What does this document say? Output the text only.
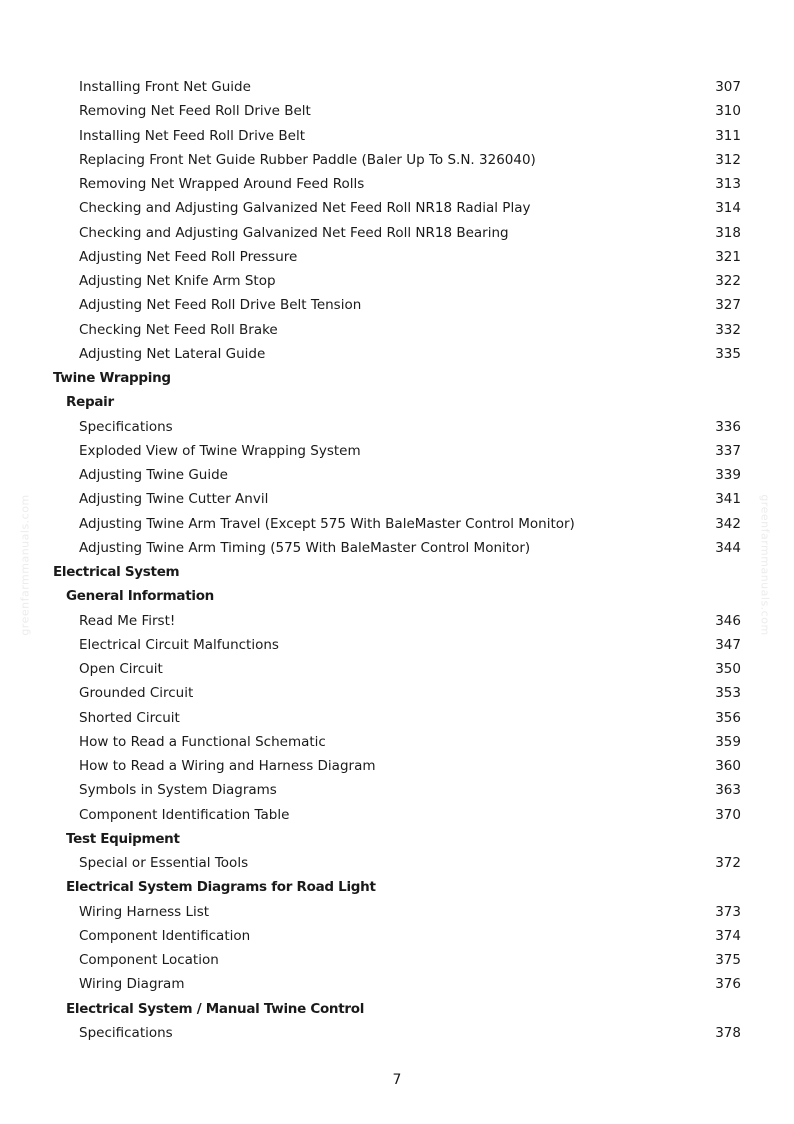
Installing Front Net Guide	307
Removing Net Feed Roll Drive Belt	310
Installing Net Feed Roll Drive Belt	311
Replacing Front Net Guide Rubber Paddle (Baler Up To S.N. 326040)	312
Removing Net Wrapped Around Feed Rolls	313
Checking and Adjusting Galvanized Net Feed Roll NR18 Radial Play	314
Checking and Adjusting Galvanized Net Feed Roll NR18 Bearing	318
Adjusting Net Feed Roll Pressure	321
Adjusting Net Knife Arm Stop	322
Adjusting Net Feed Roll Drive Belt Tension	327
Checking Net Feed Roll Brake	332
Adjusting Net Lateral Guide	335
Twine Wrapping
Repair
Specifications	336
Exploded View of Twine Wrapping System	337
Adjusting Twine Guide	339
Adjusting Twine Cutter Anvil	341
Adjusting Twine Arm Travel (Except 575 With BaleMaster Control Monitor)	342
Adjusting Twine Arm Timing (575 With BaleMaster Control Monitor)	344
Electrical System
General Information
Read Me First!	346
Electrical Circuit Malfunctions	347
Open Circuit	350
Grounded Circuit	353
Shorted Circuit	356
How to Read a Functional Schematic	359
How to Read a Wiring and Harness Diagram	360
Symbols in System Diagrams	363
Component Identification Table	370
Test Equipment
Special or Essential Tools	372
Electrical System Diagrams for Road Light
Wiring Harness List	373
Component Identification	374
Component Location	375
Wiring Diagram	376
Electrical System / Manual Twine Control
Specifications	378
greenfarmmanuals.com	greenfarmmanuals.com
7
